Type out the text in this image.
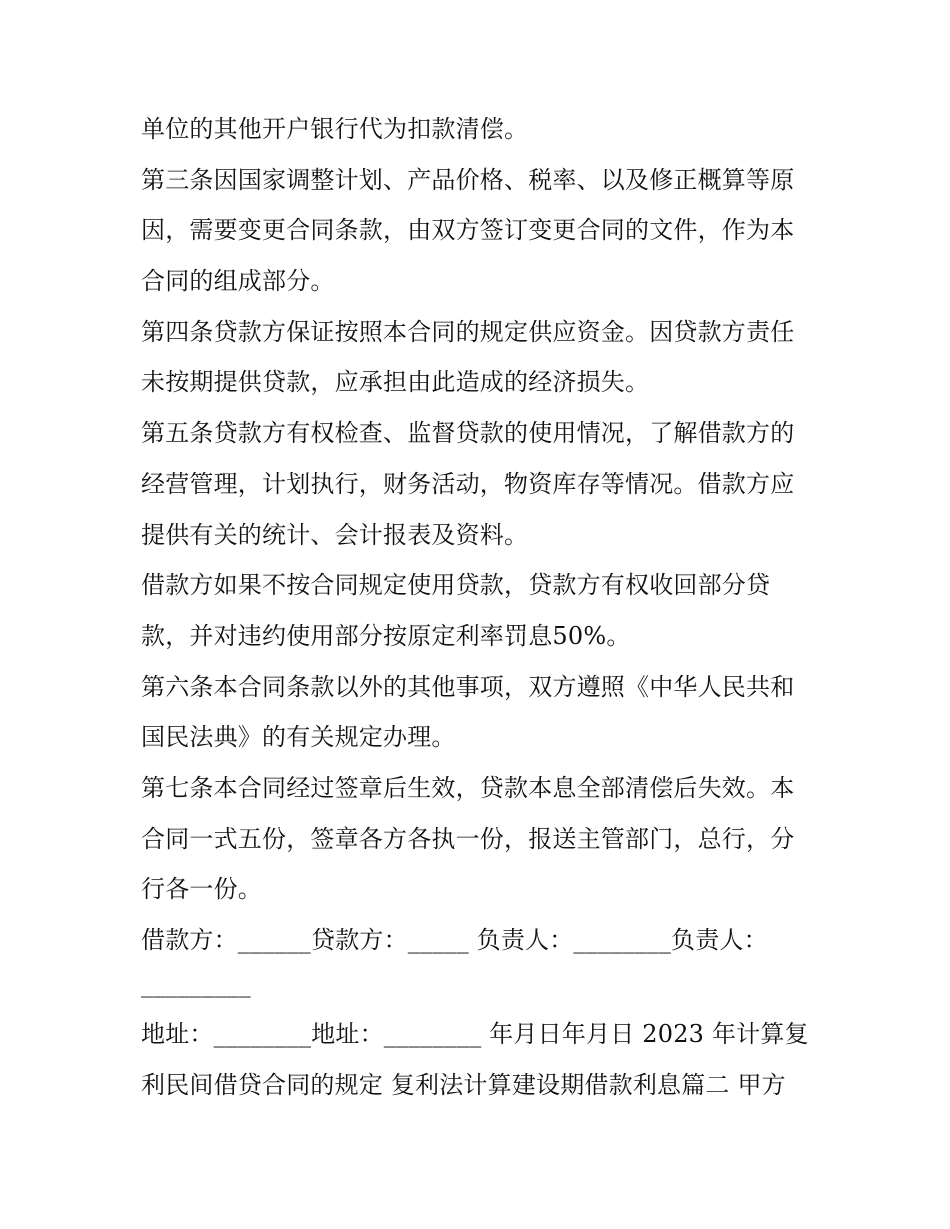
单位的其他开户银行代为扣款清偿。
第三条因国家调整计划、产品价格、税率、以及修正概算等原
因，需要变更合同条款，由双方签订变更合同的文件，作为本
合同的组成部分。
第四条贷款方保证按照本合同的规定供应资金。因贷款方责任
未按期提供贷款，应承担由此造成的经济损失。
第五条贷款方有权检查、监督贷款的使用情况，了解借款方的
经营管理，计划执行，财务活动，物资库存等情况。借款方应
提供有关的统计、会计报表及资料。
借款方如果不按合同规定使用贷款，贷款方有权收回部分贷
款，并对违约使用部分按原定利率罚息50%。
第六条本合同条款以外的其他事项，双方遵照《中华人民共和
国民法典》的有关规定办理。
第七条本合同经过签章后生效，贷款本息全部清偿后失效。本
合同一式五份，签章各方各执一份，报送主管部门，总行，分
行各一份。
借款方：______贷款方：_____ 负责人：________负责人：
_________
地址：________地址：________ 年月日年月日 2023 年计算复
利民间借贷合同的规定 复利法计算建设期借款利息篇二 甲方
